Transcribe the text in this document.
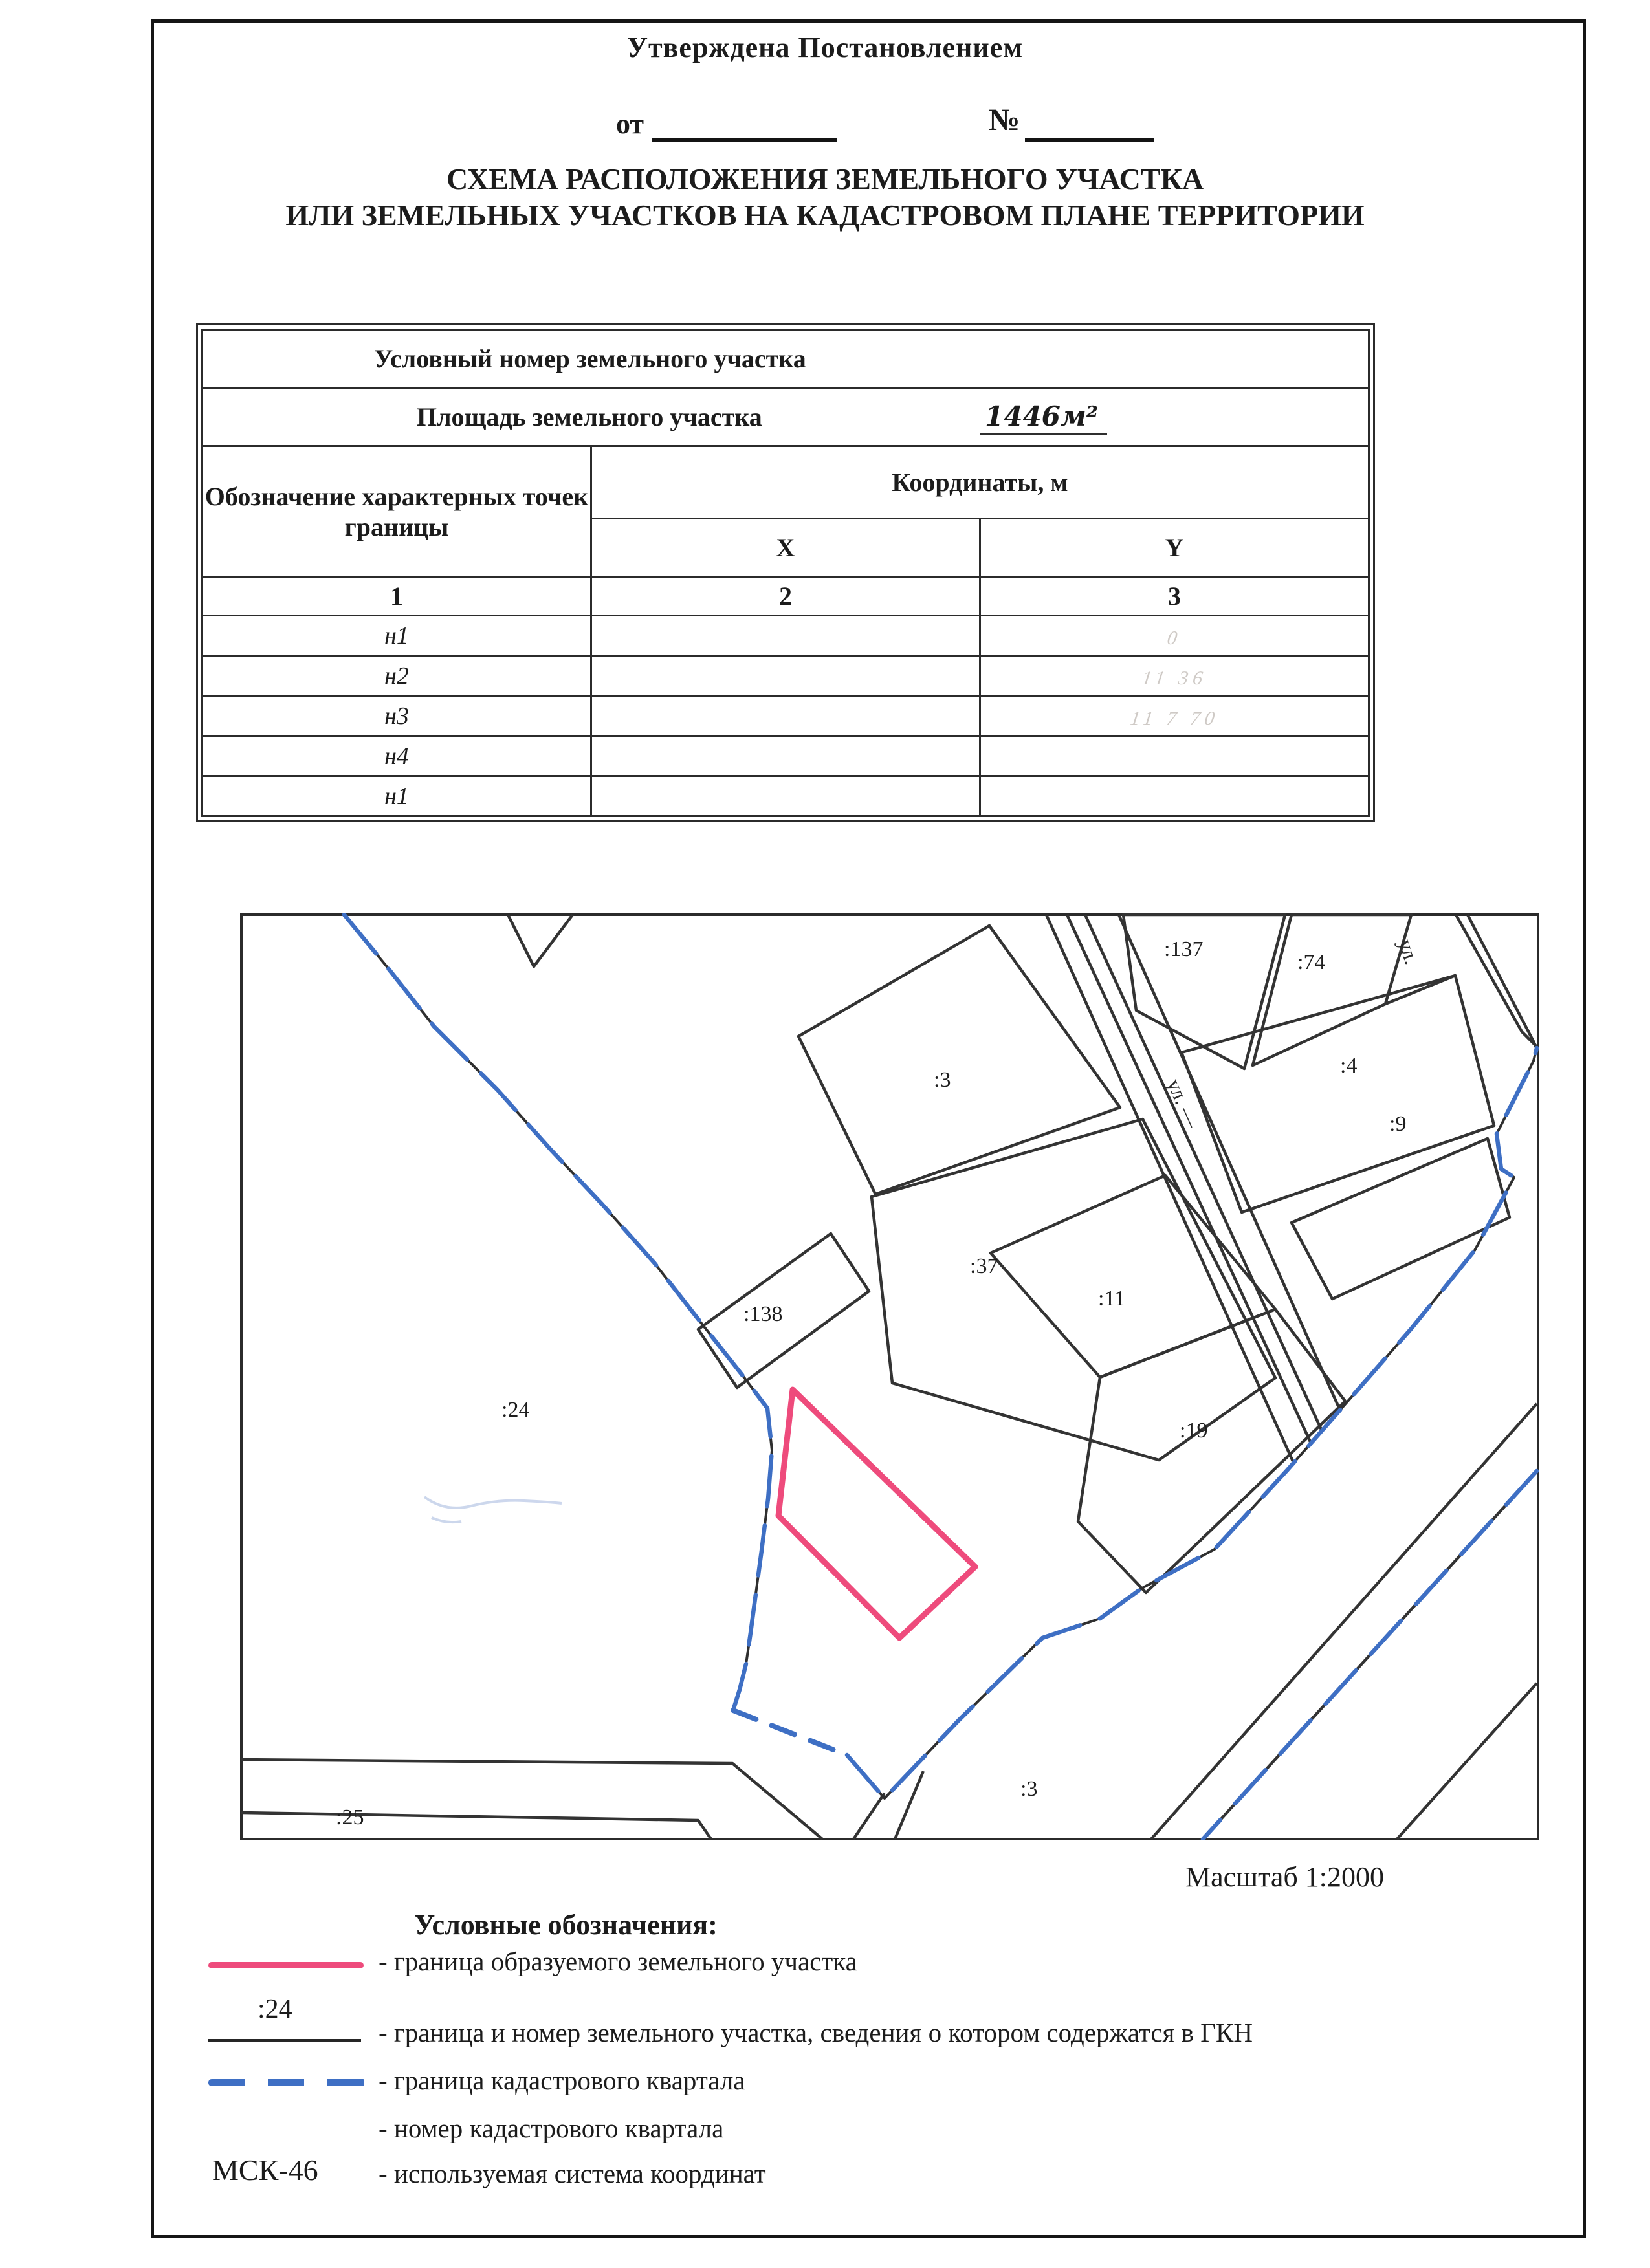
Утверждена Постановлением
от	№
СХЕМА РАСПОЛОЖЕНИЯ ЗЕМЕЛЬНОГО УЧАСТКА
ИЛИ ЗЕМЕЛЬНЫХ УЧАСТКОВ НА КАДАСТРОВОМ ПЛАНЕ ТЕРРИТОРИИ
Условный номер земельного участка		
Площадь земельного участка 1446м²		

Обозначение характерных точек
границы	Координаты, м	
	X	Y
1	2	3
н1		0
н2		11 36
н3		11 7 70
н4		
н1		
:3
:37
:138
:11
:19
:4
:9
:137
:74
:24
:25
:3
ул. —
ул.
Масштаб 1:2000
Условные обозначения:
- граница образуемого земельного участка
:24
- граница и номер земельного участка, сведения о котором содержатся в ГКН
- граница кадастрового квартала
- номер кадастрового квартала
МСК-46 - используемая система координат
